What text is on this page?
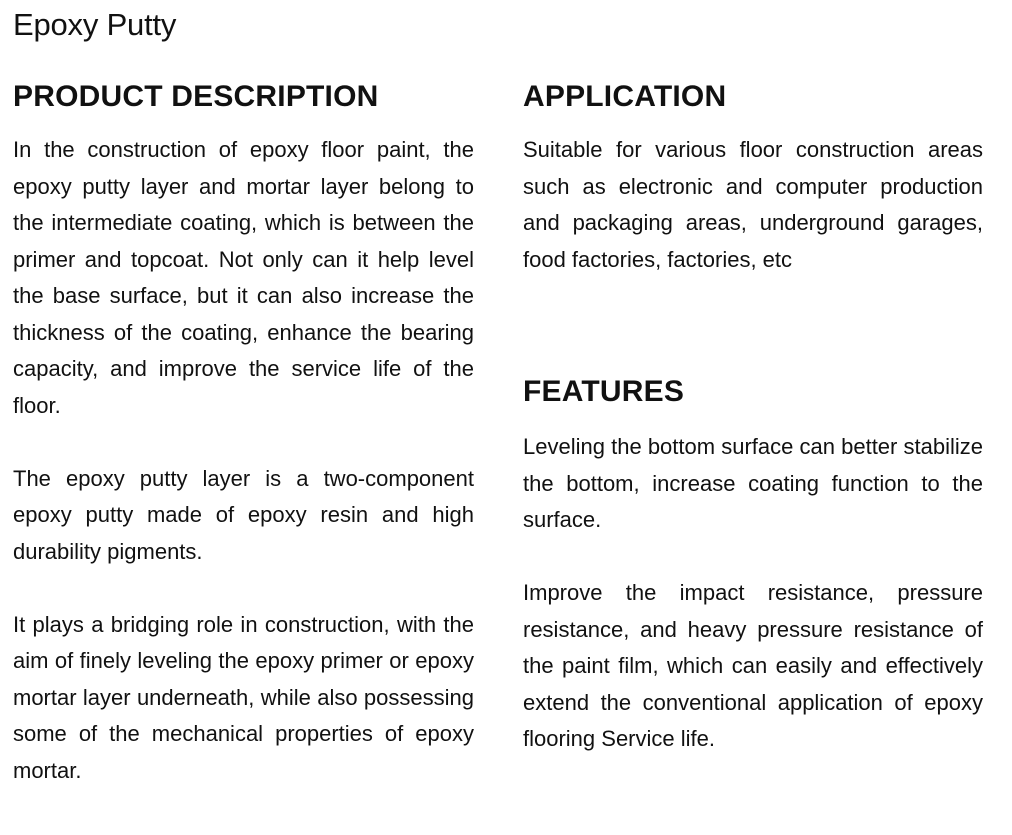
Epoxy Putty
PRODUCT DESCRIPTION

In the construction of epoxy floor paint, the epoxy putty layer and mortar layer belong to the intermediate coating, which is between the primer and topcoat. Not only can it help level the base surface, but it can also increase the thickness of the coating, enhance the bearing capacity, and improve the service life of the floor.

The epoxy putty layer is a two-component epoxy putty made of epoxy resin and high durability pigments.

It plays a bridging role in construction, with the aim of finely leveling the epoxy primer or epoxy mortar layer underneath, while also possessing some of the mechanical properties of epoxy mortar.

APPLICATION

Suitable for various floor construction areas such as electronic and computer production and packaging areas, underground garages, food factories, factories, etc

FEATURES

Leveling the bottom surface can better stabilize the bottom, increase coating function to the surface.

Improve the impact resistance, pressure resistance, and heavy pressure resistance of the paint film, which can easily and effectively extend the conventional application of epoxy flooring Service life.
